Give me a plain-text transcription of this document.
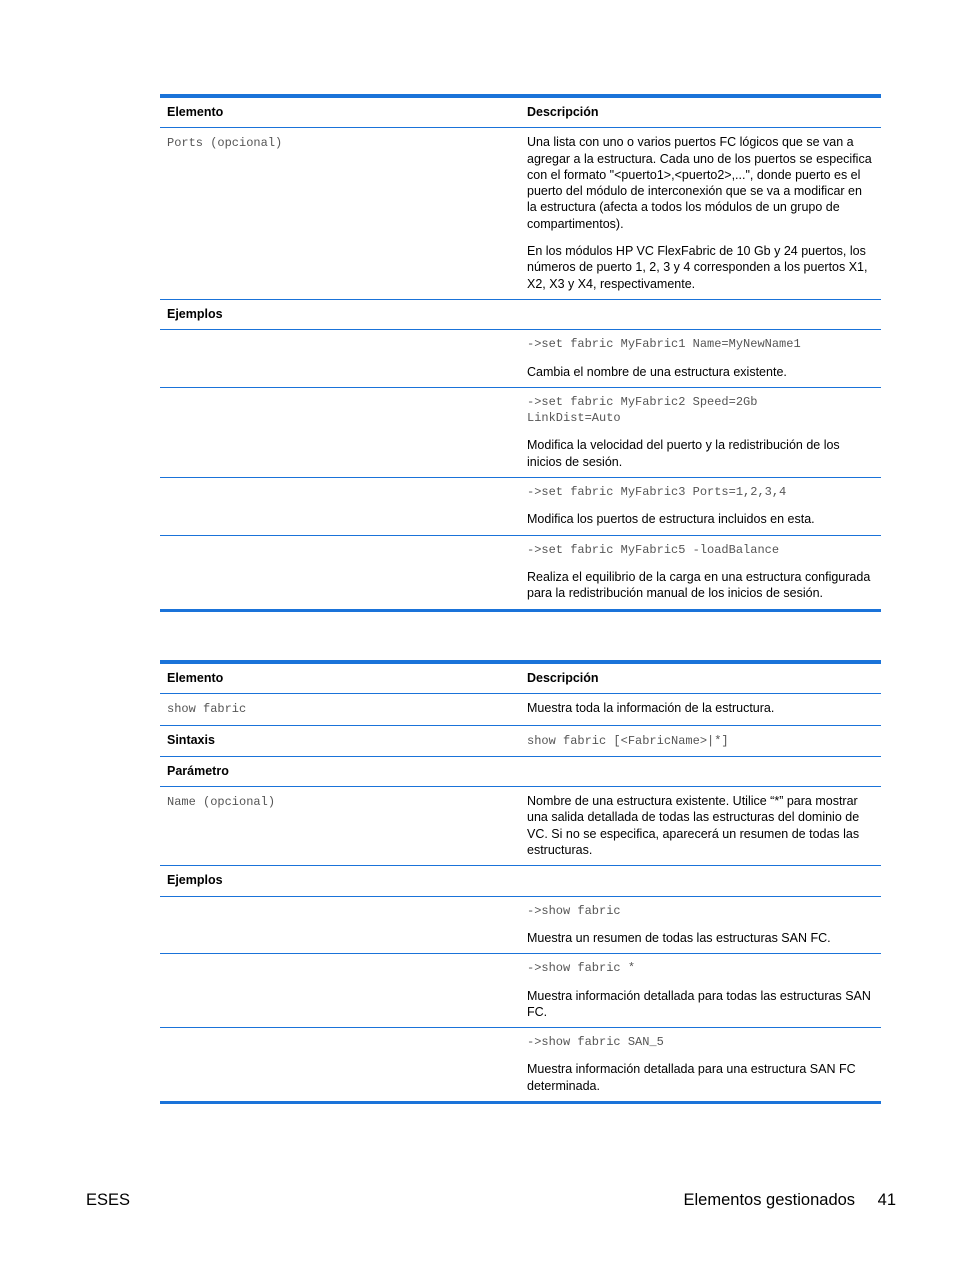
Elemento	Descripción
Ports (opcional)	Una lista con uno o varios puertos FC lógicos que se van a agregar a la estructura. Cada uno de los puertos se especifica con el formato "<puerto1>,<puerto2>,...", donde puerto es el puerto del módulo de interconexión que se va a modificar en la estructura (afecta a todos los módulos de un grupo de compartimentos).

En los módulos HP VC FlexFabric de 10 Gb y 24 puertos, los números de puerto 1, 2, 3 y 4 corresponden a los puertos X1, X2, X3 y X4, respectivamente.

Ejemplos
->set fabric MyFabric1 Name=MyNewName1

Cambia el nombre de una estructura existente.

->set fabric MyFabric2 Speed=2Gb
LinkDist=Auto

Modifica la velocidad del puerto y la redistribución de los inicios de sesión.

->set fabric MyFabric3 Ports=1,2,3,4

Modifica los puertos de estructura incluidos en esta.

->set fabric MyFabric5 -loadBalance

Realiza el equilibrio de la carga en una estructura configurada para la redistribución manual de los inicios de sesión.

Elemento	Descripción
show fabric	Muestra toda la información de la estructura.
Sintaxis	show fabric [<FabricName>|*]
Parámetro
Name (opcional)	Nombre de una estructura existente. Utilice “*” para mostrar una salida detallada de todas las estructuras del dominio de VC. Si no se especifica, aparecerá un resumen de todas las estructuras.
Ejemplos
->show fabric

Muestra un resumen de todas las estructuras SAN FC.

->show fabric *

Muestra información detallada para todas las estructuras SAN FC.

->show fabric SAN_5

Muestra información detallada para una estructura SAN FC determinada.

ESES	Elementos gestionados 41
